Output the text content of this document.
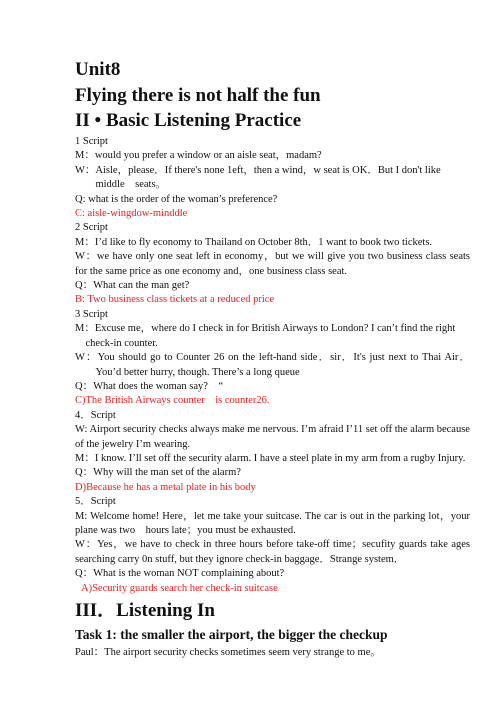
Unit8
Flying there is not half the fun
II • Basic Listening Practice

1 Script

M：would you prefer a window or an aisle seat，madam?

W：Aisle，please．If there's none 1eft，then a wind，w seat is OK．But I don't like middle　seats。

Q: what is the order of the woman’s preference?

C: aisle-wingdow-minddle

2 Script

M：I’d like to fly economy to Thailand on October 8th．1 want to book two tickets.

W：we have only one seat left in economy，but we will give you two business class seats for the same price as one economy and，one business class seat.

Q：What can the man get?

B: Two business class tickets at a reduced price

3 Script

M：Excuse me，where do I check in for British Airways to London? I can’t find the right check-in counter.

W：You should go to Counter 26 on the left-hand side．sir．It's just next to Thai Air．You’d better hurry, though. There’s a long queue

Q：What does the woman say?　“

C)The British Airways counter　is counter26.

4．Script

W: Airport security checks always make me nervous. I’m afraid I’11 set off the alarm because of the jewelry I’m wearing.

M：I know. I’ll set off the security alarm. I have a steel plate in my arm from a rugby Injury.

Q：Why will the man set of the alarm?

D)Because he has a metal plate in his body

5．Script

M: Welcome home! Here，let me take your suitcase. The car is out in the parking lot，your plane was two　hours late；you must be exhausted.

W：Yes，we have to check in three hours before take-off time；secufity guards take ages searching carry 0n stuff, but they ignore check-in baggage．Strange system．

Q：What is the woman NOT complaining about?

A)Security guards search her check-in suitcase

III．Listening In

Task 1: the smaller the airport, the bigger the checkup

Paul：The airport security checks sometimes seem very strange to me。
